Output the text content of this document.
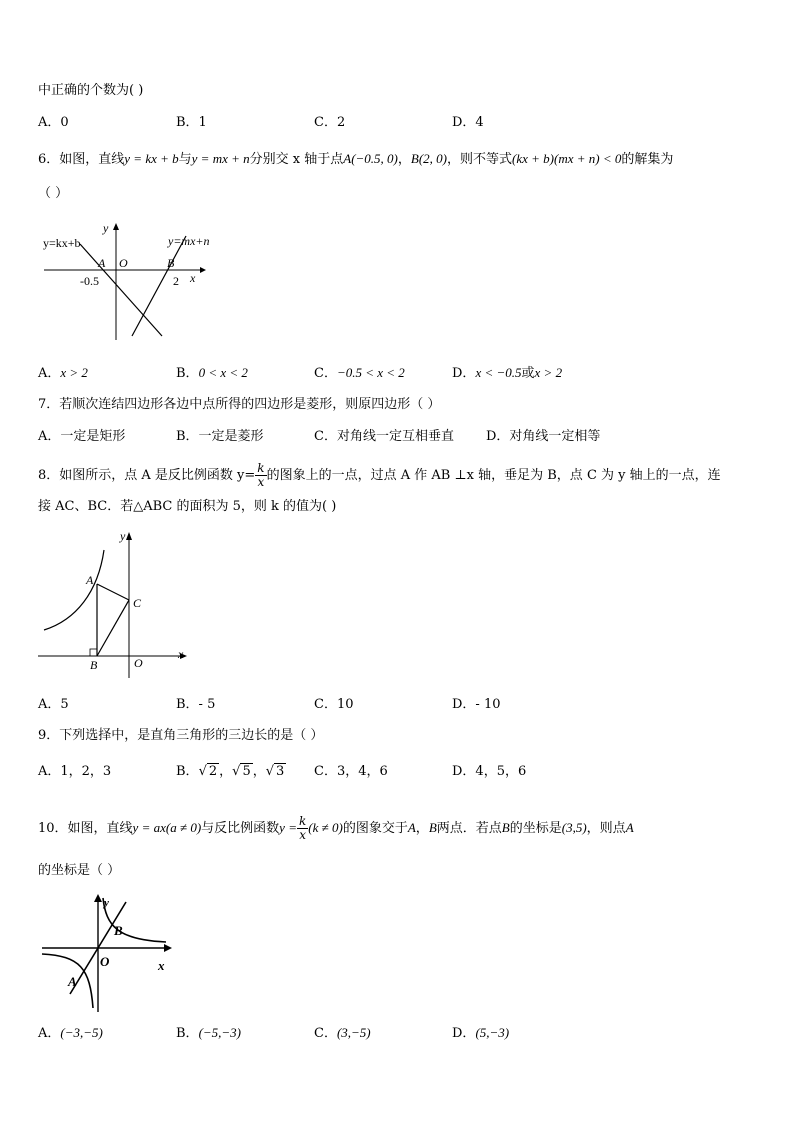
中正确的个数为( )
A．0	B．1	C．2	D．4
6．如图，直线y = kx + b与y = mx + n分别交 x 轴于点A(−0.5, 0)，B(2, 0)，则不等式(kx + b)(mx + n) < 0的解集为
（ ）
y=kx+b	y=mx+n
y
x
A O	B
-0.5	2
A．x > 2	B．0 < x < 2	C．−0.5 < x < 2	D．x < −0.5或x > 2
7．若顺次连结四边形各边中点所得的四边形是菱形，则原四边形（ ）
A．一定是矩形	B．一定是菱形	C．对角线一定互相垂直 D．对角线一定相等
8．如图所示，点 A 是反比例函数 $y= \frac{k}{x}$ 的图象上的一点，过点 A 作 AB ⊥x 轴，垂足为 B，点 C 为 y 轴上的一点，连
接 AC、BC．若△ABC 的面积为 5，则 k 的值为( )
y
x
A
B
C
O
A．5	B．- 5	C．10	D．- 10
9．下列选择中，是直角三角形的三边长的是（ ）
A．1，2，3	B．√ 2 ，√ 5 ，√ 3 C．3，4，6	D．4，5，6
10．如图，直线y = ax(a ≠ 0)与反比例函数$y = \frac{k}{x} (k \ne 0)$的图象交于A，B两点．若点B的坐标是(3,5)，则点A
的坐标是（ ）
y
x
B
O
A
A．(−3,−5)	B．(−5,−3)	C．(3,−5)	D．(5,−3)
